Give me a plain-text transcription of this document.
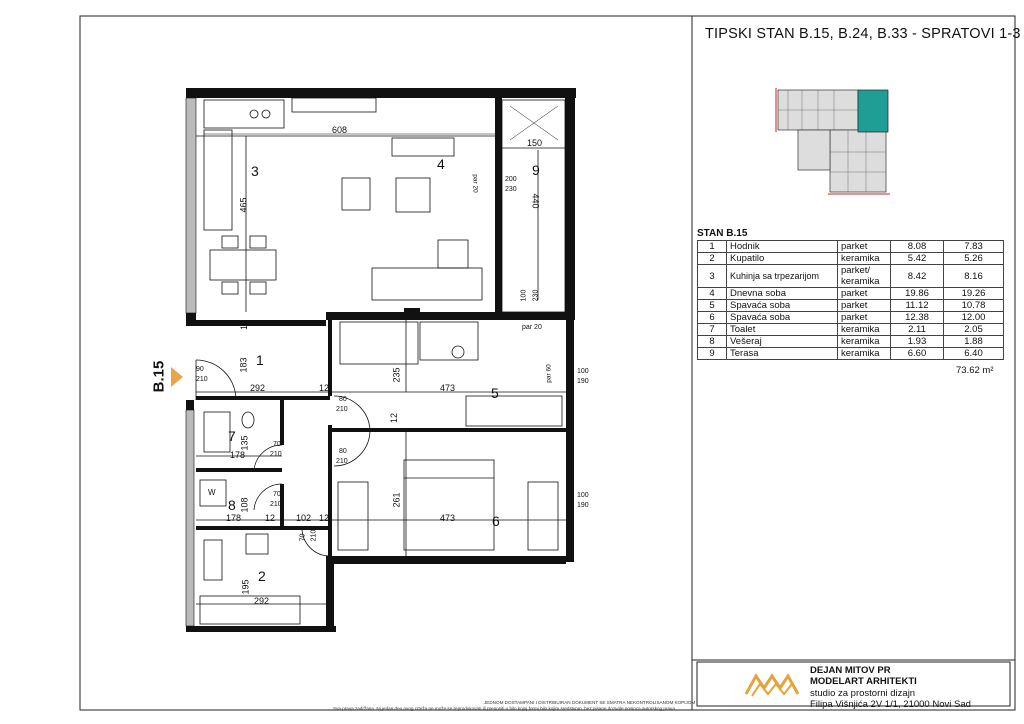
3	4	9
1
5
7
8
6
2
B.15
608
150
465	440
183
292	473
235
178
135
108	261
178	102	473
195
292
12
12
12
12
12
200
230
100 230
90
210
80
210
80
210
70
210
70
210
70 210
100
190
100
190
par 20
par 20
par 60
W
TIPSKI STAN B.15, B.24, B.33 - SPRATOVI 1-3
STAN B.15
1	Hodnik	parket	8.08	7.83
2	Kupatilo	keramika	5.42	5.26
3	Kuhinja sa trpezarijom	parket/ keramika	8.42	8.16
4	Dnevna soba	parket	19.86	19.26
5	Spavaća soba	parket	11.12	10.78
6	Spavaća soba	parket	12.38	12.00
7	Toalet	keramika	2.11	2.05
8	Vešeraj	keramika	1.93	1.88
9	Terasa	keramika	6.60	6.40
73.62 m²
DEJAN MITOV PR
MODELART ARHITEKTI
studio za prostorni dizajn
Filipa Višnjića 2V 1/1, 21000 Novi Sad
JEDNOM DOSTAMPANI I DISTRIBUIRAN DOKUMENT SE SMATRA NEKONTROLISANOM KOPIJOM
Sva prava zadržana. Ni jedan deo ovog crteža ne može se reprodukovati ili prenositi u bilo kojoj formi bilo kojim sredstvom, bez pisane dozvole nosioca autorskog prava.
